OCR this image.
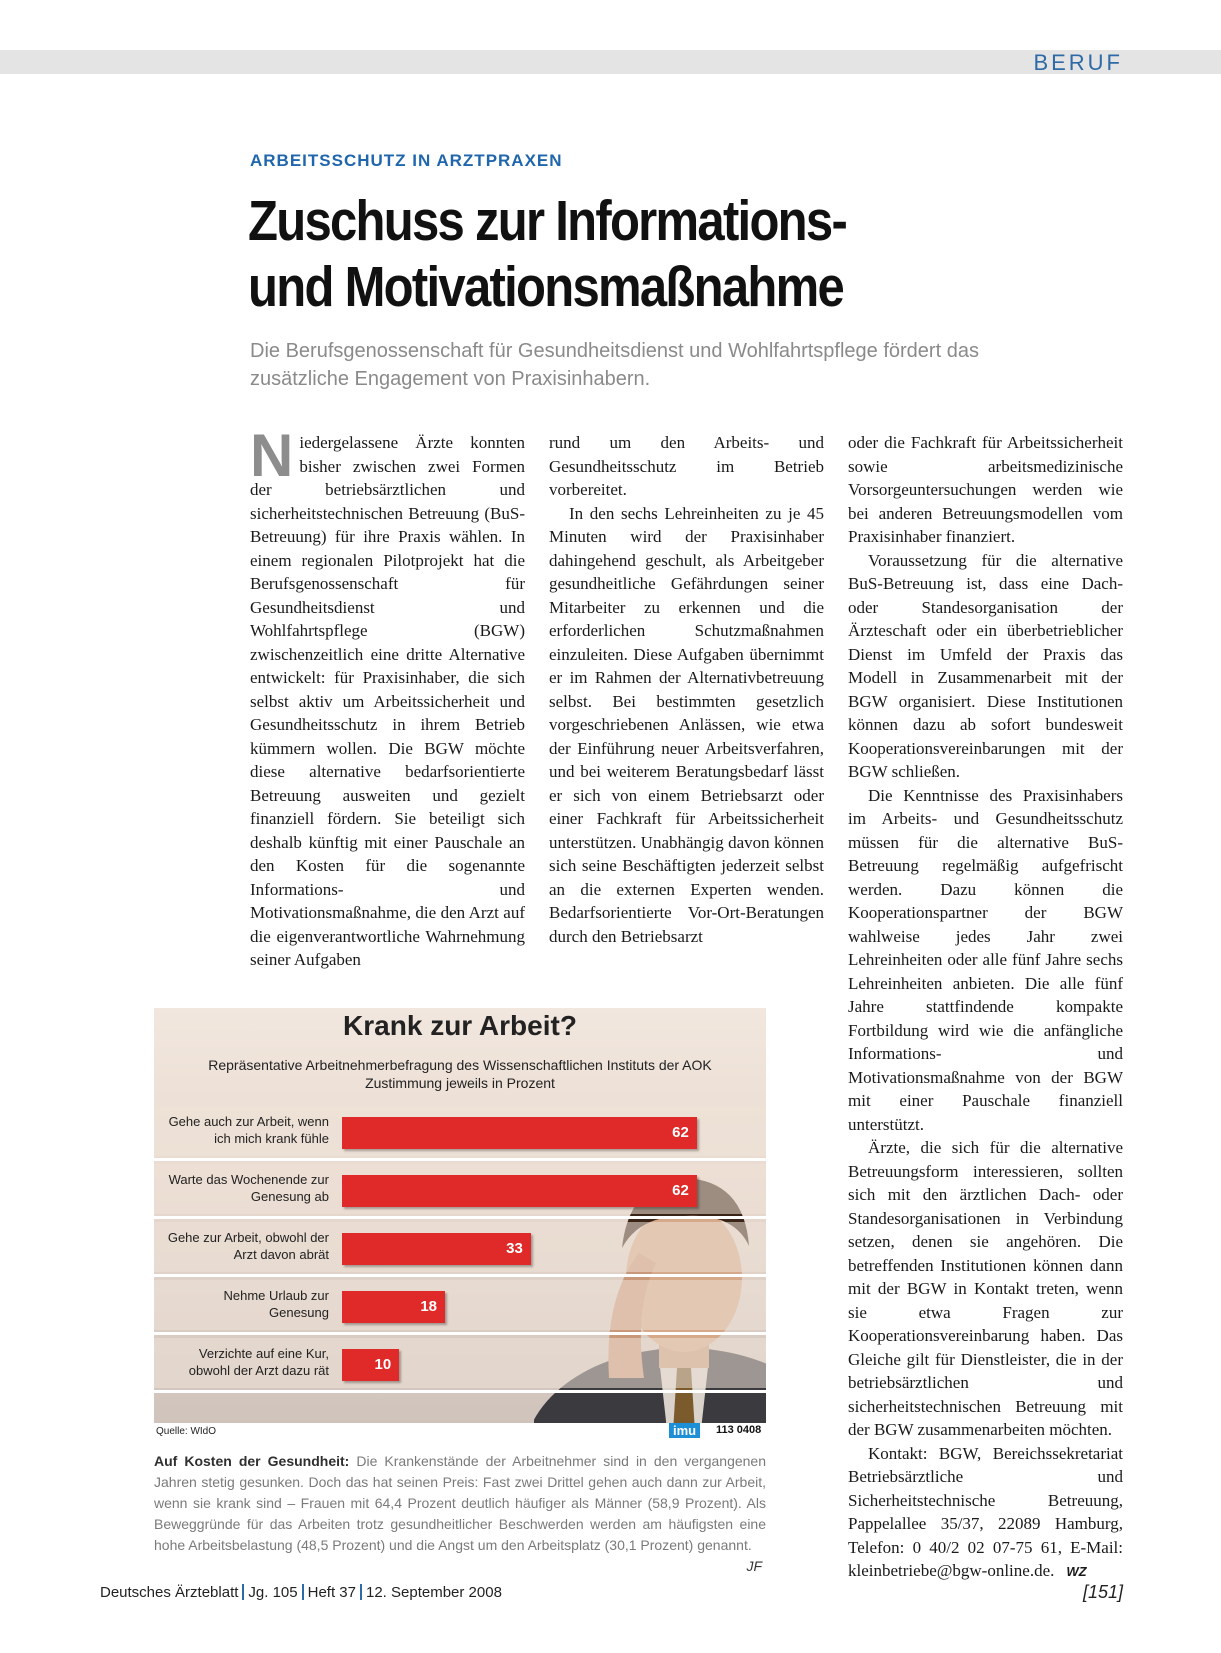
BERUF
ARBEITSSCHUTZ IN ARZTPRAXEN
Zuschuss zur Informations-
und Motivationsmaßnahme
Die Berufsgenossenschaft für Gesundheitsdienst und Wohlfahrtspflege fördert das zusätzliche Engagement von Praxisinhabern.

Niedergelassene Ärzte konnten bisher zwischen zwei Formen der betriebsärztlichen und sicherheitstechnischen Betreuung (BuS-Betreuung) für ihre Praxis wählen. In einem regionalen Pilotprojekt hat die Berufsgenossenschaft für Gesundheitsdienst und Wohlfahrtspflege (BGW) zwischenzeitlich eine dritte Alternative entwickelt: für Praxisinhaber, die sich selbst aktiv um Arbeitssicherheit und Gesundheitsschutz in ihrem Betrieb kümmern wollen. Die BGW möchte diese alternative bedarfsorientierte Betreuung ausweiten und gezielt finanziell fördern. Sie beteiligt sich deshalb künftig mit einer Pauschale an den Kosten für die sogenannte Informations- und Motivationsmaßnahme, die den Arzt auf die eigenverantwortliche Wahrnehmung seiner Aufgaben

rund um den Arbeits- und Gesundheitsschutz im Betrieb vorbereitet.

In den sechs Lehreinheiten zu je 45 Minuten wird der Praxisinhaber dahingehend geschult, als Arbeitgeber gesundheitliche Gefährdungen seiner Mitarbeiter zu erkennen und die erforderlichen Schutzmaßnahmen einzuleiten. Diese Aufgaben übernimmt er im Rahmen der Alternativbetreuung selbst. Bei bestimmten gesetzlich vorgeschriebenen Anlässen, wie etwa der Einführung neuer Arbeitsverfahren, und bei weiterem Beratungsbedarf lässt er sich von einem Betriebsarzt oder einer Fachkraft für Arbeitssicherheit unterstützen. Unabhängig davon können sich seine Beschäftigten jederzeit selbst an die externen Experten wenden. Bedarfsorientierte Vor-Ort-Beratungen durch den Betriebsarzt

oder die Fachkraft für Arbeitssicherheit sowie arbeitsmedizinische Vorsorgeuntersuchungen werden wie bei anderen Betreuungsmodellen vom Praxisinhaber finanziert.

Voraussetzung für die alternative BuS-Betreuung ist, dass eine Dach- oder Standesorganisation der Ärzteschaft oder ein überbetrieblicher Dienst im Umfeld der Praxis das Modell in Zusammenarbeit mit der BGW organisiert. Diese Institutionen können dazu ab sofort bundesweit Kooperationsvereinbarungen mit der BGW schließen.

Die Kenntnisse des Praxisinhabers im Arbeits- und Gesundheitsschutz müssen für die alternative BuS-Betreuung regelmäßig aufgefrischt werden. Dazu können die Kooperationspartner der BGW wahlweise jedes Jahr zwei Lehreinheiten oder alle fünf Jahre sechs Lehreinheiten anbieten. Die alle fünf Jahre stattfindende kompakte Fortbildung wird wie die anfängliche Informations- und Motivationsmaßnahme von der BGW mit einer Pauschale finanziell unterstützt.

Ärzte, die sich für die alternative Betreuungsform interessieren, sollten sich mit den ärztlichen Dach- oder Standesorganisationen in Verbindung setzen, denen sie angehören. Die betreffenden Institutionen können dann mit der BGW in Kontakt treten, wenn sie etwa Fragen zur Kooperationsvereinbarung haben. Das Gleiche gilt für Dienstleister, die in der betriebsärztlichen und sicherheitstechnischen Betreuung mit der BGW zusammenarbeiten möchten.

Kontakt: BGW, Bereichssekretariat Betriebsärztliche und Sicherheitstechnische Betreuung, Pappelallee 35/37, 22089 Hamburg, Telefon: 0 40/2 02 07-75 61, E-Mail: kleinbetriebe@bgw-online.de. WZ

Krank zur Arbeit?
Repräsentative Arbeitnehmerbefragung des Wissenschaftlichen Instituts der AOK
Zustimmung jeweils in Prozent
Gehe auch zur Arbeit, wenn ich mich krank fühle	62
Warte das Wochenende zur Genesung ab	62
Gehe zur Arbeit, obwohl der Arzt davon abrät	33
Nehme Urlaub zur Genesung	18
Verzichte auf eine Kur, obwohl der Arzt dazu rät	10
Quelle: WIdO	imu	113 0408
Auf Kosten der Gesundheit: Die Krankenstände der Arbeitnehmer sind in den vergangenen Jahren stetig gesunken. Doch das hat seinen Preis: Fast zwei Drittel gehen auch dann zur Arbeit, wenn sie krank sind – Frauen mit 64,4 Prozent deutlich häufiger als Männer (58,9 Prozent). Als Beweggründe für das Arbeiten trotz gesundheitlicher Beschwerden werden am häufigsten eine hohe Arbeitsbelastung (48,5 Prozent) und die Angst um den Arbeitsplatz (30,1 Prozent) genannt.
JF
Deutsches Ärzteblatt Jg. 105 Heft 37 12. September 2008	[151]
